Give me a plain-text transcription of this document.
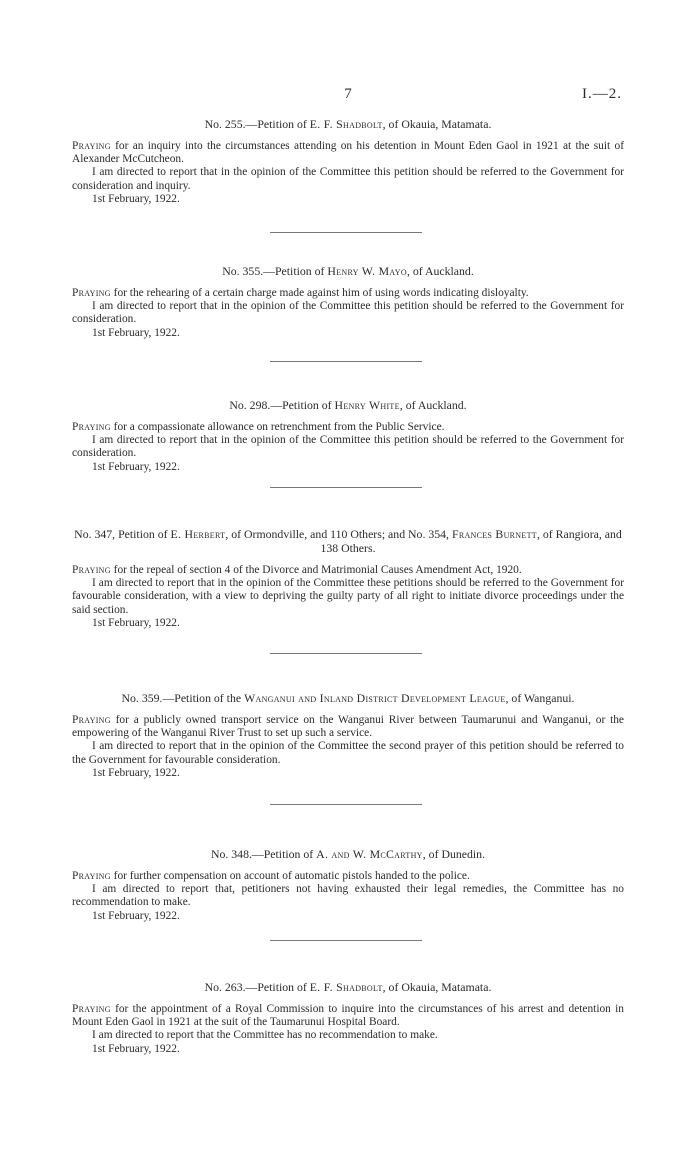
7	I.—2.

No. 255.—Petition of E. F. Shadbolt, of Okauia, Matamata.

Praying for an inquiry into the circumstances attending on his detention in Mount Eden Gaol in 1921 at the suit of Alexander McCutcheon.

I am directed to report that in the opinion of the Committee this petition should be referred to the Government for consideration and inquiry.

1st February, 1922.

No. 355.—Petition of Henry W. Mayo, of Auckland.

Praying for the rehearing of a certain charge made against him of using words indicating disloyalty.

I am directed to report that in the opinion of the Committee this petition should be referred to the Government for consideration.

1st February, 1922.

No. 298.—Petition of Henry White, of Auckland.

Praying for a compassionate allowance on retrenchment from the Public Service.

I am directed to report that in the opinion of the Committee this petition should be referred to the Government for consideration.

1st February, 1922.

No. 347, Petition of E. Herbert, of Ormondville, and 110 Others; and No. 354, Frances Burnett, of Rangiora, and 138 Others.

Praying for the repeal of section 4 of the Divorce and Matrimonial Causes Amendment Act, 1920.

I am directed to report that in the opinion of the Committee these petitions should be referred to the Government for favourable consideration, with a view to depriving the guilty party of all right to initiate divorce proceedings under the said section.

1st February, 1922.

No. 359.—Petition of the Wanganui and Inland District Development League, of Wanganui.

Praying for a publicly owned transport service on the Wanganui River between Taumarunui and Wanganui, or the empowering of the Wanganui River Trust to set up such a service.

I am directed to report that in the opinion of the Committee the second prayer of this petition should be referred to the Government for favourable consideration.

1st February, 1922.

No. 348.—Petition of A. and W. McCarthy, of Dunedin.

Praying for further compensation on account of automatic pistols handed to the police.

I am directed to report that, petitioners not having exhausted their legal remedies, the Committee has no recommendation to make.

1st February, 1922.

No. 263.—Petition of E. F. Shadbolt, of Okauia, Matamata.

Praying for the appointment of a Royal Commission to inquire into the circumstances of his arrest and detention in Mount Eden Gaol in 1921 at the suit of the Taumarunui Hospital Board.

I am directed to report that the Committee has no recommendation to make.

1st February, 1922.
